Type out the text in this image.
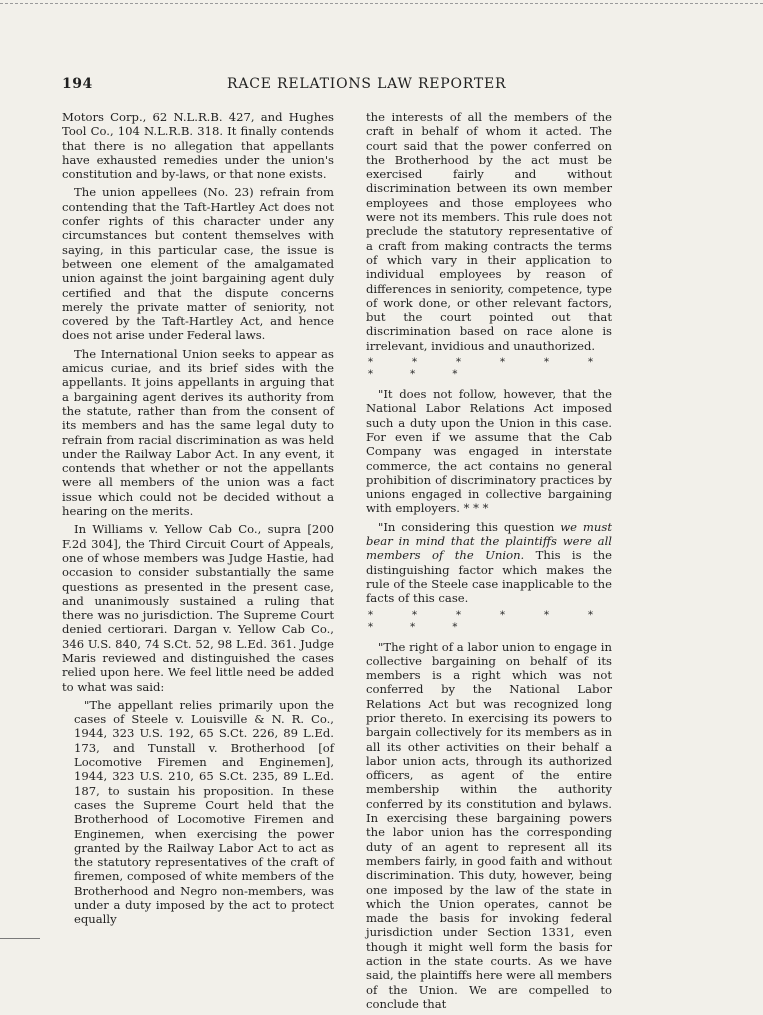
194	RACE RELATIONS LAW REPORTER

Motors Corp., 62 N.L.R.B. 427, and Hughes Tool Co., 104 N.L.R.B. 318. It finally contends that there is no allegation that appellants have exhausted remedies under the union's constitution and by-laws, or that none exists.

The union appellees (No. 23) refrain from contending that the Taft-Hartley Act does not confer rights of this character under any circumstances but content themselves with saying, in this particular case, the issue is between one element of the amalgamated union against the joint bargaining agent duly certified and that the dispute concerns merely the private matter of seniority, not covered by the Taft-Hartley Act, and hence does not arise under Federal laws.

The International Union seeks to appear as amicus curiae, and its brief sides with the appellants. It joins appellants in arguing that a bargaining agent derives its authority from the statute, rather than from the consent of its members and has the same legal duty to refrain from racial discrimination as was held under the Railway Labor Act. In any event, it contends that whether or not the appellants were all members of the union was a fact issue which could not be decided without a hearing on the merits.

In Williams v. Yellow Cab Co., supra [200 F.2d 304], the Third Circuit Court of Appeals, one of whose members was Judge Hastie, had occasion to consider substantially the same questions as presented in the present case, and unanimously sustained a ruling that there was no jurisdiction. The Supreme Court denied certiorari. Dargan v. Yellow Cab Co., 346 U.S. 840, 74 S.Ct. 52, 98 L.Ed. 361. Judge Maris reviewed and distinguished the cases relied upon here. We feel little need be added to what was said:

"The appellant relies primarily upon the cases of Steele v. Louisville & N. R. Co., 1944, 323 U.S. 192, 65 S.Ct. 226, 89 L.Ed. 173, and Tunstall v. Brotherhood [of Locomotive Firemen and Enginemen], 1944, 323 U.S. 210, 65 S.Ct. 235, 89 L.Ed. 187, to sustain his proposition. In these cases the Supreme Court held that the Brotherhood of Locomotive Firemen and Enginemen, when exercising the power granted by the Railway Labor Act to act as the statutory representatives of the craft of firemen, composed of white members of the Brotherhood and Negro non-members, was under a duty imposed by the act to protect equally

the interests of all the members of the craft in behalf of whom it acted. The court said that the power conferred on the Brotherhood by the act must be exercised fairly and without discrimination between its own member employees and those employees who were not its members. This rule does not preclude the statutory representative of a craft from making contracts the terms of which vary in their application to individual employees by reason of differences in seniority, competence, type of work done, or other relevant factors, but the court pointed out that discrimination based on race alone is irrelevant, invidious and unauthorized.

* * * * * * * * *

"It does not follow, however, that the National Labor Relations Act imposed such a duty upon the Union in this case. For even if we assume that the Cab Company was engaged in interstate commerce, the act contains no general prohibition of discriminatory practices by unions engaged in collective bargaining with employers. * * *

"In considering this question we must bear in mind that the plaintiffs were all members of the Union. This is the distinguishing factor which makes the rule of the Steele case inapplicable to the facts of this case.

* * * * * * * * *

"The right of a labor union to engage in collective bargaining on behalf of its members is a right which was not conferred by the National Labor Relations Act but was recognized long prior thereto. In exercising its powers to bargain collectively for its members as in all its other activities on their behalf a labor union acts, through its authorized officers, as agent of the entire membership within the authority conferred by its constitution and bylaws. In exercising these bargaining powers the labor union has the corresponding duty of an agent to represent all its members fairly, in good faith and without discrimination. This duty, however, being one imposed by the law of the state in which the Union operates, cannot be made the basis for invoking federal jurisdiction under Section 1331, even though it might well form the basis for action in the state courts. As we have said, the plaintiffs here were all members of the Union. We are compelled to conclude that
